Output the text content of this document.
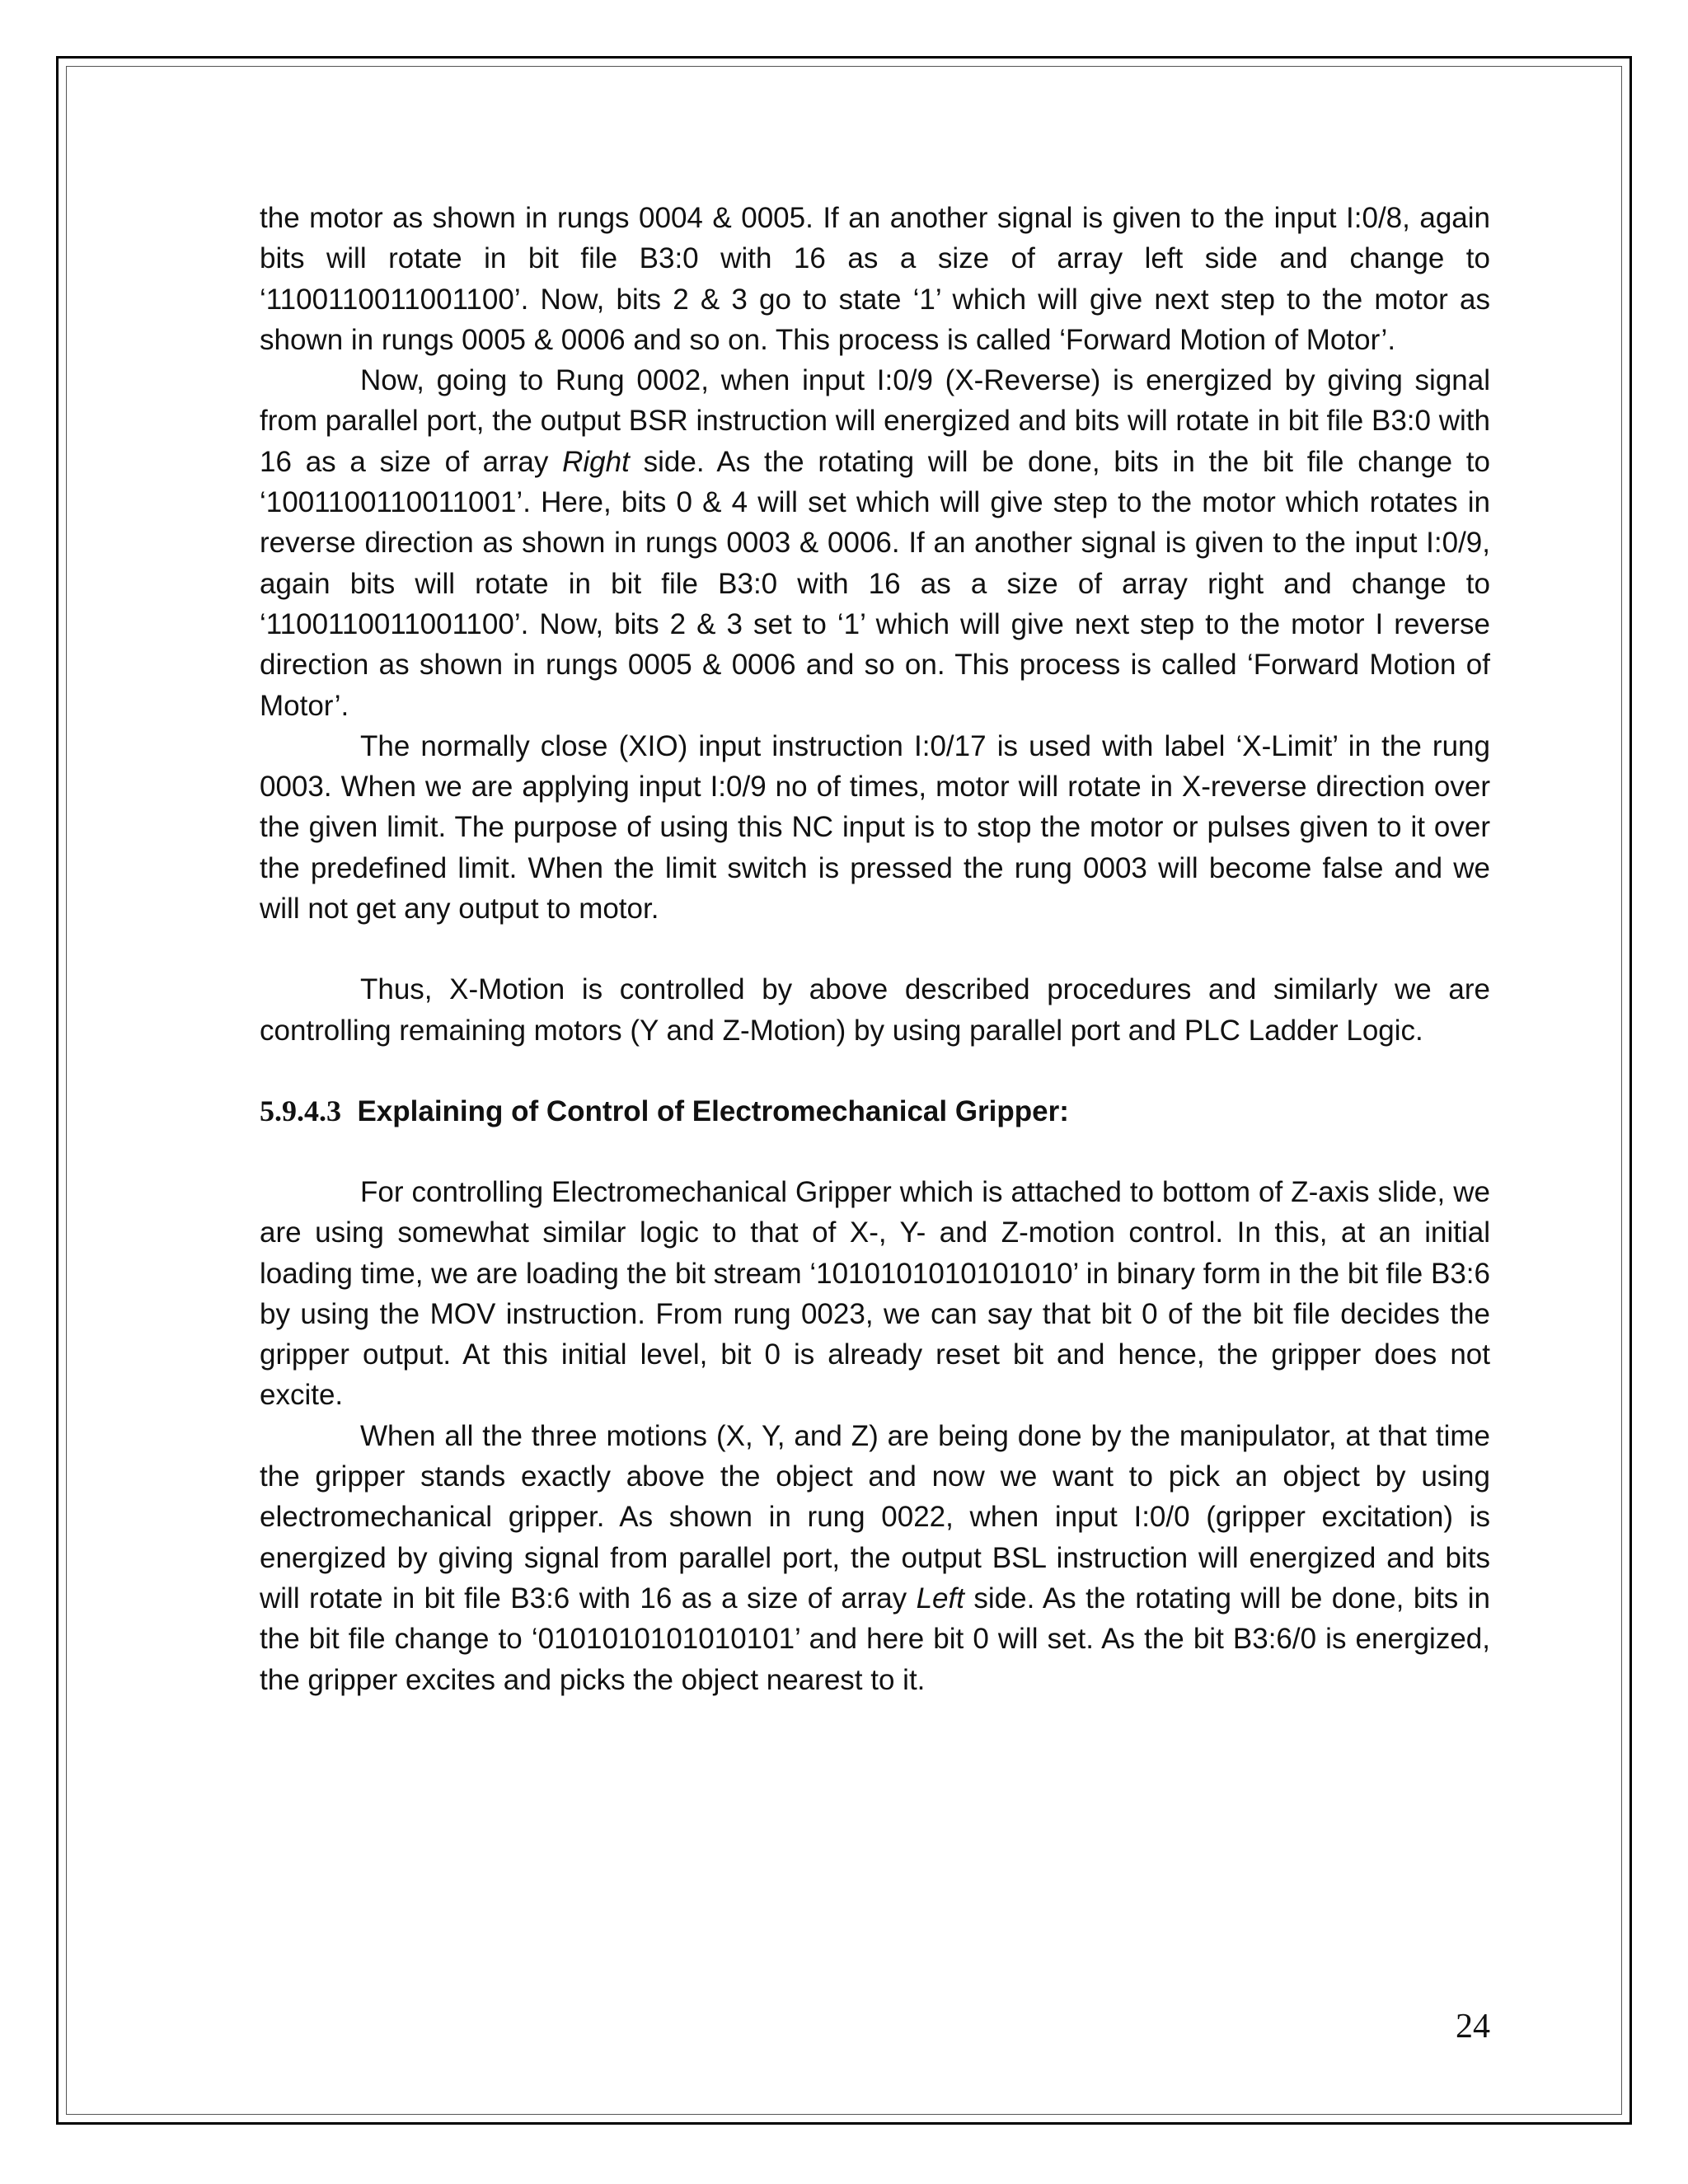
the motor as shown in rungs 0004 & 0005. If an another signal is given to the input I:0/8, again bits will rotate in bit file B3:0 with 16 as a size of array left side and change to ‘1100110011001100’. Now, bits 2 & 3 go to state ‘1’ which will give next step to the motor as shown in rungs 0005 & 0006 and so on. This process is called ‘Forward Motion of Motor’.

Now, going to Rung 0002, when input I:0/9 (X-Reverse) is energized by giving signal from parallel port, the output BSR instruction will energized and bits will rotate in bit file B3:0 with 16 as a size of array Right side. As the rotating will be done, bits in the bit file change to ‘1001100110011001’. Here, bits 0 & 4 will set which will give step to the motor which rotates in reverse direction as shown in rungs 0003 & 0006. If an another signal is given to the input I:0/9, again bits will rotate in bit file B3:0 with 16 as a size of array right and change to ‘1100110011001100’. Now, bits 2 & 3 set to ‘1’ which will give next step to the motor I reverse direction as shown in rungs 0005 & 0006 and so on. This process is called ‘Forward Motion of Motor’.

The normally close (XIO) input instruction I:0/17 is used with label ‘X-Limit’ in the rung 0003. When we are applying input I:0/9 no of times, motor will rotate in X-reverse direction over the given limit. The purpose of using this NC input is to stop the motor or pulses given to it over the predefined limit. When the limit switch is pressed the rung 0003 will become false and we will not get any output to motor.

Thus, X-Motion is controlled by above described procedures and similarly we are controlling remaining motors (Y and Z-Motion) by using parallel port and PLC Ladder Logic.

5.9.4.3 Explaining of Control of Electromechanical Gripper:

For controlling Electromechanical Gripper which is attached to bottom of Z-axis slide, we are using somewhat similar logic to that of X-, Y- and Z-motion control. In this, at an initial loading time, we are loading the bit stream ‘1010101010101010’ in binary form in the bit file B3:6 by using the MOV instruction. From rung 0023, we can say that bit 0 of the bit file decides the gripper output. At this initial level, bit 0 is already reset bit and hence, the gripper does not excite.

When all the three motions (X, Y, and Z) are being done by the manipulator, at that time the gripper stands exactly above the object and now we want to pick an object by using electromechanical gripper. As shown in rung 0022, when input I:0/0 (gripper excitation) is energized by giving signal from parallel port, the output BSL instruction will energized and bits will rotate in bit file B3:6 with 16 as a size of array Left side. As the rotating will be done, bits in the bit file change to ‘0101010101010101’ and here bit 0 will set. As the bit B3:6/0 is energized, the gripper excites and picks the object nearest to it.

24
